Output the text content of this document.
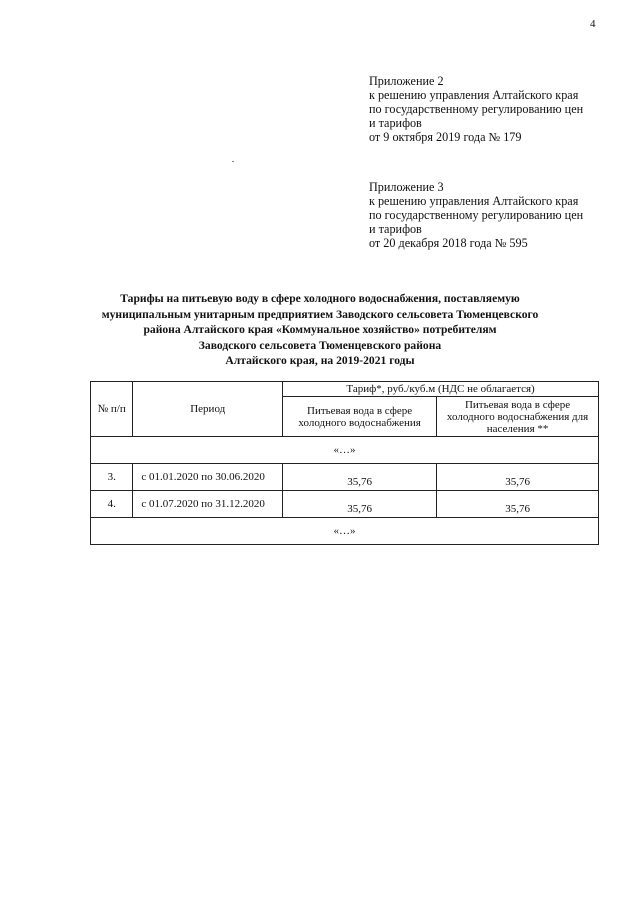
4
Приложение 2
к решению управления Алтайского края
по государственному регулированию цен
и тарифов
от 9 октября 2019 года № 179
Приложение 3
к решению управления Алтайского края
по государственному регулированию цен
и тарифов
от 20 декабря 2018 года № 595
Тарифы на питьевую воду в сфере холодного водоснабжения, поставляемую
муниципальным унитарным предприятием Заводского сельсовета Тюменцевского
района Алтайского края «Коммунальное хозяйство» потребителям
Заводского сельсовета Тюменцевского района
Алтайского края, на 2019-2021 годы
№ п/п	Период	Тариф*, руб./куб.м (НДС не облагается)	
		Питьевая вода в сфере холодного водоснабжения	Питьевая вода в сфере холодного водоснабжения для населения **
«…»			
3.	с 01.01.2020 по 30.06.2020	35,76	35,76
4.	с 01.07.2020 по 31.12.2020	35,76	35,76
«…»			
